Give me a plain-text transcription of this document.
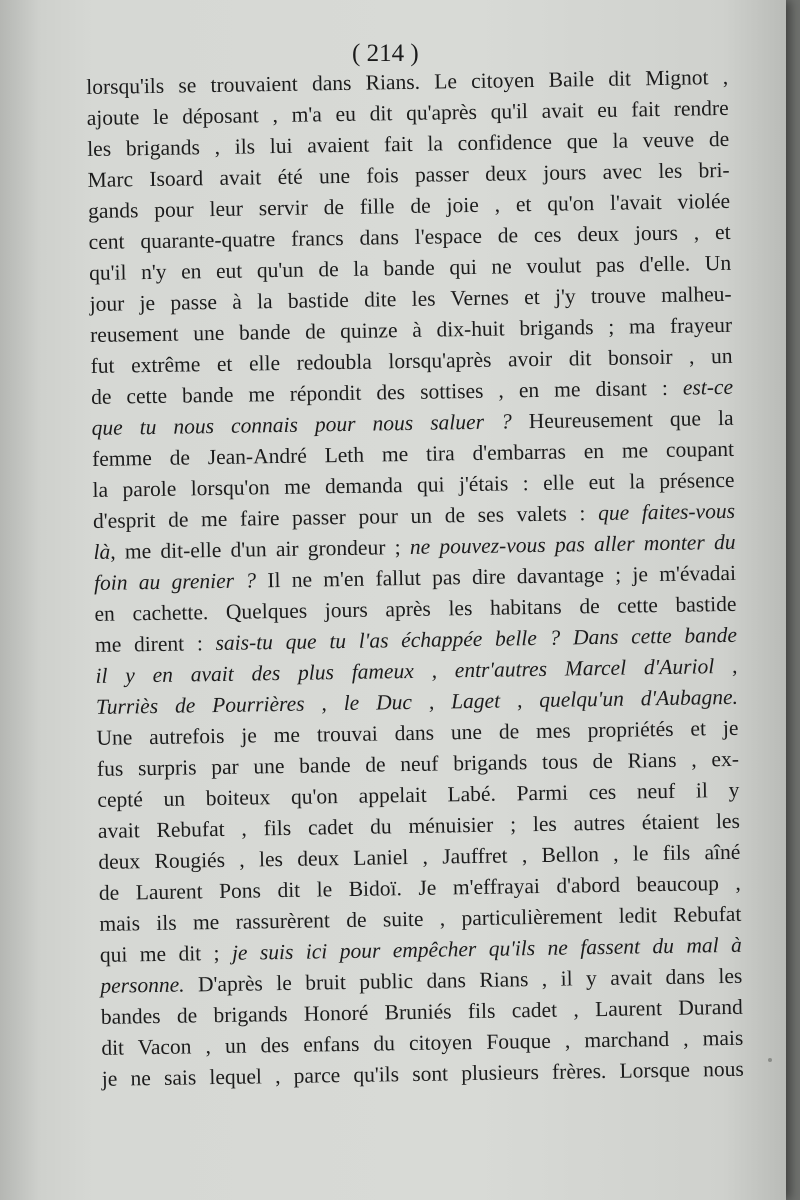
( 214 )
lorsqu'ils se trouvaient dans Rians. Le citoyen Baile dit Mignot ,
ajoute le déposant , m'a eu dit qu'après qu'il avait eu fait rendre
les brigands , ils lui avaient fait la confidence que la veuve de
Marc Isoard avait été une fois passer deux jours avec les bri-
gands pour leur servir de fille de joie , et qu'on l'avait violée
cent quarante-quatre francs dans l'espace de ces deux jours , et
qu'il n'y en eut qu'un de la bande qui ne voulut pas d'elle. Un
jour je passe à la bastide dite les Vernes et j'y trouve malheu-
reusement une bande de quinze à dix-huit brigands ; ma frayeur
fut extrême et elle redoubla lorsqu'après avoir dit bonsoir , un
de cette bande me répondit des sottises , en me disant : est-ce
que tu nous connais pour nous saluer ? Heureusement que la
femme de Jean-André Leth me tira d'embarras en me coupant
la parole lorsqu'on me demanda qui j'étais : elle eut la présence
d'esprit de me faire passer pour un de ses valets : que faites-vous
là, me dit-elle d'un air grondeur ; ne pouvez-vous pas aller monter du
foin au grenier ? Il ne m'en fallut pas dire davantage ; je m'évadai
en cachette. Quelques jours après les habitans de cette bastide
me dirent : sais-tu que tu l'as échappée belle ? Dans cette bande
il y en avait des plus fameux , entr'autres Marcel d'Auriol ,
Turriès de Pourrières , le Duc , Laget , quelqu'un d'Aubagne.
Une autrefois je me trouvai dans une de mes propriétés et je
fus surpris par une bande de neuf brigands tous de Rians , ex-
cepté un boiteux qu'on appelait Labé. Parmi ces neuf il y
avait Rebufat , fils cadet du ménuisier ; les autres étaient les
deux Rougiés , les deux Laniel , Jauffret , Bellon , le fils aîné
de Laurent Pons dit le Bidoï. Je m'effrayai d'abord beaucoup ,
mais ils me rassurèrent de suite , particulièrement ledit Rebufat
qui me dit ; je suis ici pour empêcher qu'ils ne fassent du mal à
personne. D'après le bruit public dans Rians , il y avait dans les
bandes de brigands Honoré Bruniés fils cadet , Laurent Durand
dit Vacon , un des enfans du citoyen Fouque , marchand , mais
je ne sais lequel , parce qu'ils sont plusieurs frères. Lorsque nous
